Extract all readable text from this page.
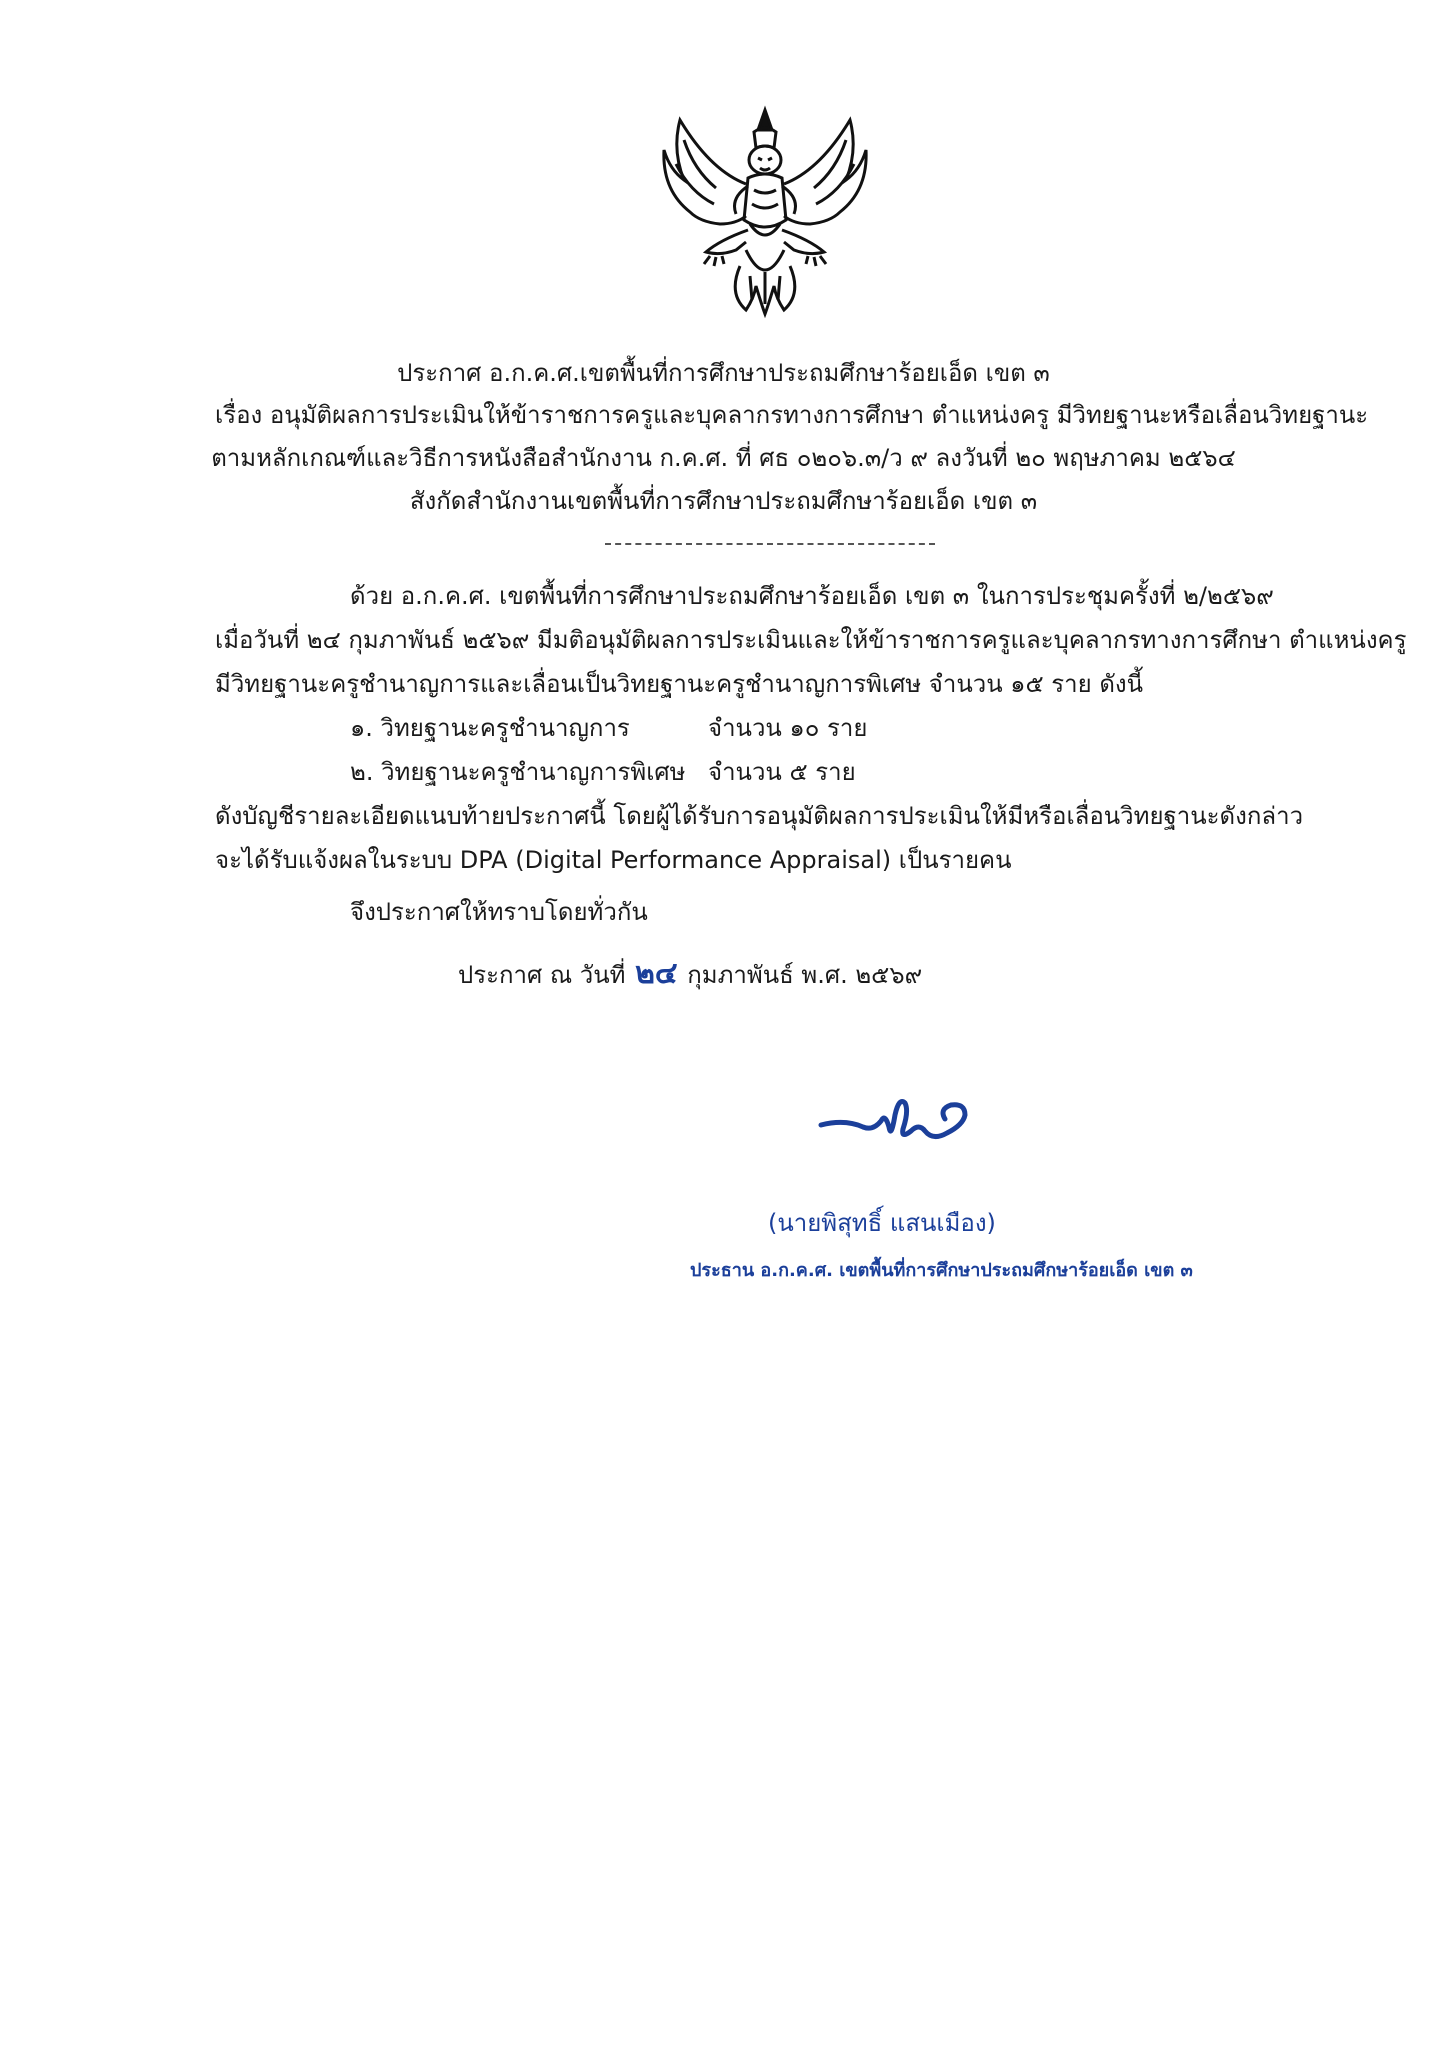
ประกาศ อ.ก.ค.ศ.เขตพื้นที่การศึกษาประถมศึกษาร้อยเอ็ด เขต ๓
เรื่อง อนุมัติผลการประเมินให้ข้าราชการครูและบุคลากรทางการศึกษา ตำแหน่งครู มีวิทยฐานะหรือเลื่อนวิทยฐานะ
ตามหลักเกณฑ์และวิธีการหนังสือสำนักงาน ก.ค.ศ. ที่ ศธ ๐๒๐๖.๓/ว ๙ ลงวันที่ ๒๐ พฤษภาคม ๒๕๖๔
สังกัดสำนักงานเขตพื้นที่การศึกษาประถมศึกษาร้อยเอ็ด เขต ๓
ด้วย อ.ก.ค.ศ. เขตพื้นที่การศึกษาประถมศึกษาร้อยเอ็ด เขต ๓ ในการประชุมครั้งที่ ๒/๒๕๖๙
เมื่อวันที่ ๒๔ กุมภาพันธ์ ๒๕๖๙ มีมติอนุมัติผลการประเมินและให้ข้าราชการครูและบุคลากรทางการศึกษา ตำแหน่งครู
มีวิทยฐานะครูชำนาญการและเลื่อนเป็นวิทยฐานะครูชำนาญการพิเศษ จำนวน ๑๕ ราย ดังนี้
๑. วิทยฐานะครูชำนาญการ	จำนวน ๑๐ ราย
๒. วิทยฐานะครูชำนาญการพิเศษ จำนวน ๕ ราย
ดังบัญชีรายละเอียดแนบท้ายประกาศนี้ โดยผู้ได้รับการอนุมัติผลการประเมินให้มีหรือเลื่อนวิทยฐานะดังกล่าว
จะได้รับแจ้งผลในระบบ DPA (Digital Performance Appraisal) เป็นรายคน
จึงประกาศให้ทราบโดยทั่วกัน
ประกาศ ณ วันที่ ๒๔ กุมภาพันธ์ พ.ศ. ๒๕๖๙
(นายพิสุทธิ์ แสนเมือง)
ประธาน อ.ก.ค.ศ. เขตพื้นที่การศึกษาประถมศึกษาร้อยเอ็ด เขต ๓
